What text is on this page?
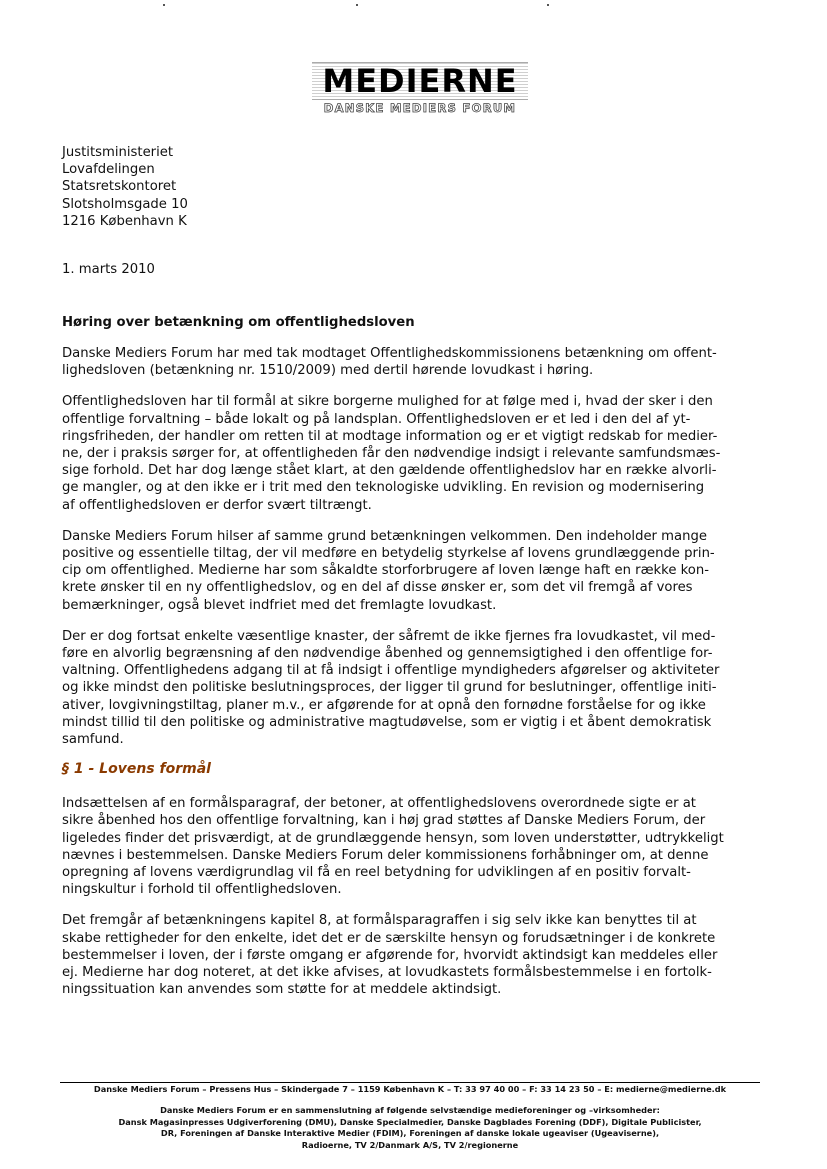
MEDIERNE
DANSKE MEDIERS FORUM
Justitsministeriet
Lovafdelingen
Statsretskontoret
Slotsholmsgade 10
1216 København K
1. marts 2010
Høring over betænkning om offentlighedsloven
Danske Mediers Forum har med tak modtaget Offentlighedskommissionens betænkning om offent-
lighedsloven (betænkning nr. 1510/2009) med dertil hørende lovudkast i høring.
Offentlighedsloven har til formål at sikre borgerne mulighed for at følge med i, hvad der sker i den
offentlige forvaltning – både lokalt og på landsplan. Offentlighedsloven er et led i den del af yt-
ringsfriheden, der handler om retten til at modtage information og er et vigtigt redskab for medier-
ne, der i praksis sørger for, at offentligheden får den nødvendige indsigt i relevante samfundsmæs-
sige forhold. Det har dog længe stået klart, at den gældende offentlighedslov har en række alvorli-
ge mangler, og at den ikke er i trit med den teknologiske udvikling. En revision og modernisering
af offentlighedsloven er derfor svært tiltrængt.
Danske Mediers Forum hilser af samme grund betænkningen velkommen. Den indeholder mange
positive og essentielle tiltag, der vil medføre en betydelig styrkelse af lovens grundlæggende prin-
cip om offentlighed. Medierne har som såkaldte storforbrugere af loven længe haft en række kon-
krete ønsker til en ny offentlighedslov, og en del af disse ønsker er, som det vil fremgå af vores
bemærkninger, også blevet indfriet med det fremlagte lovudkast.
Der er dog fortsat enkelte væsentlige knaster, der såfremt de ikke fjernes fra lovudkastet, vil med-
føre en alvorlig begrænsning af den nødvendige åbenhed og gennemsigtighed i den offentlige for-
valtning. Offentlighedens adgang til at få indsigt i offentlige myndigheders afgørelser og aktiviteter
og ikke mindst den politiske beslutningsproces, der ligger til grund for beslutninger, offentlige initi-
ativer, lovgivningstiltag, planer m.v., er afgørende for at opnå den fornødne forståelse for og ikke
mindst tillid til den politiske og administrative magtudøvelse, som er vigtig i et åbent demokratisk
samfund.
§ 1 - Lovens formål
Indsættelsen af en formålsparagraf, der betoner, at offentlighedslovens overordnede sigte er at
sikre åbenhed hos den offentlige forvaltning, kan i høj grad støttes af Danske Mediers Forum, der
ligeledes finder det prisværdigt, at de grundlæggende hensyn, som loven understøtter, udtrykkeligt
nævnes i bestemmelsen. Danske Mediers Forum deler kommissionens forhåbninger om, at denne
opregning af lovens værdigrundlag vil få en reel betydning for udviklingen af en positiv forvalt-
ningskultur i forhold til offentlighedsloven.
Det fremgår af betænkningens kapitel 8, at formålsparagraffen i sig selv ikke kan benyttes til at
skabe rettigheder for den enkelte, idet det er de særskilte hensyn og forudsætninger i de konkrete
bestemmelser i loven, der i første omgang er afgørende for, hvorvidt aktindsigt kan meddeles eller
ej. Medierne har dog noteret, at det ikke afvises, at lovudkastets formålsbestemmelse i en fortolk-
ningssituation kan anvendes som støtte for at meddele aktindsigt.
Danske Mediers Forum – Pressens Hus – Skindergade 7 – 1159 København K – T: 33 97 40 00 – F: 33 14 23 50 – E: medierne@medierne.dk
Danske Mediers Forum er en sammenslutning af følgende selvstændige medieforeninger og –virksomheder:
Dansk Magasinpresses Udgiverforening (DMU), Danske Specialmedier, Danske Dagblades Forening (DDF), Digitale Publicister,
DR, Foreningen af Danske Interaktive Medier (FDIM), Foreningen af danske lokale ugeaviser (Ugeaviserne),
Radioerne, TV 2/Danmark A/S, TV 2/regionerne
